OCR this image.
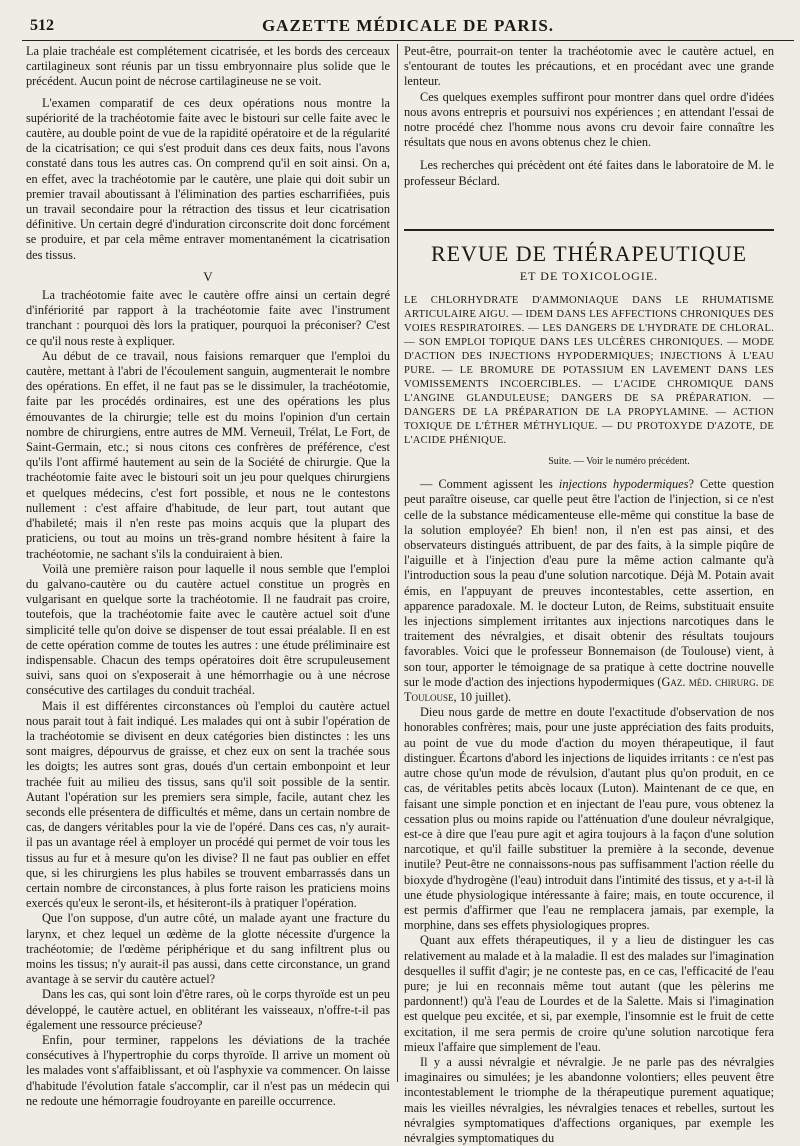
512	GAZETTE MÉDICALE DE PARIS.

La plaie trachéale est complétement cicatrisée, et les bords des cerceaux cartilagineux sont réunis par un tissu embryonnaire plus solide que le précédent. Aucun point de nécrose cartilagineuse ne se voit.

L'examen comparatif de ces deux opérations nous montre la supériorité de la trachéotomie faite avec le bistouri sur celle faite avec le cautère, au double point de vue de la rapidité opératoire et de la régularité de la cicatrisation; ce qui s'est produit dans ces deux faits, nous l'avons constaté dans tous les autres cas. On comprend qu'il en soit ainsi. On a, en effet, avec la trachéotomie par le cautère, une plaie qui doit subir un premier travail aboutissant à l'élimination des parties escharrifiées, puis un travail secondaire pour la rétraction des tissus et leur cicatrisation définitive. Un certain degré d'induration circonscrite doit donc forcément se produire, et par cela même entraver momentanément la cicatrisation des tissus.

V

La trachéotomie faite avec le cautère offre ainsi un certain degré d'infériorité par rapport à la trachéotomie faite avec l'instrument tranchant : pourquoi dès lors la pratiquer, pourquoi la préconiser? C'est ce qu'il nous reste à expliquer.

Au début de ce travail, nous faisions remarquer que l'emploi du cautère, mettant à l'abri de l'écoulement sanguin, augmenterait le nombre des opérations. En effet, il ne faut pas se le dissimuler, la trachéotomie, faite par les procédés ordinaires, est une des opérations les plus émouvantes de la chirurgie; telle est du moins l'opinion d'un certain nombre de chirurgiens, entre autres de MM. Verneuil, Trélat, Le Fort, de Saint-Germain, etc.; si nous citons ces confrères de préférence, c'est qu'ils l'ont affirmé hautement au sein de la Société de chirurgie. Que la trachéotomie faite avec le bistouri soit un jeu pour quelques chirurgiens et quelques médecins, c'est fort possible, et nous ne le contestons nullement : c'est affaire d'habitude, de leur part, tout autant que d'habileté; mais il n'en reste pas moins acquis que la plupart des praticiens, ou tout au moins un très-grand nombre hésitent à faire la trachéotomie, ne sachant s'ils la conduiraient à bien.

Voilà une première raison pour laquelle il nous semble que l'emploi du galvano-cautère ou du cautère actuel constitue un progrès en vulgarisant en quelque sorte la trachéotomie. Il ne faudrait pas croire, toutefois, que la trachéotomie faite avec le cautère actuel soit d'une simplicité telle qu'on doive se dispenser de tout essai préalable. Il en est de cette opération comme de toutes les autres : une étude préliminaire est indispensable. Chacun des temps opératoires doit être scrupuleusement suivi, sans quoi on s'exposerait à une hémorrhagie ou à une nécrose consécutive des cartilages du conduit trachéal.

Mais il est différentes circonstances où l'emploi du cautère actuel nous parait tout à fait indiqué. Les malades qui ont à subir l'opération de la trachéotomie se divisent en deux catégories bien distinctes : les uns sont maigres, dépourvus de graisse, et chez eux on sent la trachée sous les doigts; les autres sont gras, doués d'un certain embonpoint et leur trachée fuit au milieu des tissus, sans qu'il soit possible de la sentir. Autant l'opération sur les premiers sera simple, facile, autant chez les seconds elle présentera de difficultés et même, dans un certain nombre de cas, de dangers véritables pour la vie de l'opéré. Dans ces cas, n'y aurait-il pas un avantage réel à employer un procédé qui permet de voir tous les tissus au fur et à mesure qu'on les divise? Il ne faut pas oublier en effet que, si les chirurgiens les plus habiles se trouvent embarrassés dans un certain nombre de circonstances, à plus forte raison les praticiens moins exercés qu'eux le seront-ils, et hésiteront-ils à pratiquer l'opération.

Que l'on suppose, d'un autre côté, un malade ayant une fracture du larynx, et chez lequel un œdème de la glotte nécessite d'urgence la trachéotomie; de l'œdème périphérique et du sang infiltrent plus ou moins les tissus; n'y aurait-il pas aussi, dans cette circonstance, un grand avantage à se servir du cautère actuel?

Dans les cas, qui sont loin d'être rares, où le corps thyroïde est un peu développé, le cautère actuel, en oblitérant les vaisseaux, n'offre-t-il pas également une ressource précieuse?

Enfin, pour terminer, rappelons les déviations de la trachée consécutives à l'hypertrophie du corps thyroïde. Il arrive un moment où les malades vont s'affaiblissant, et où l'asphyxie va commencer. On laisse d'habitude l'évolution fatale s'accomplir, car il n'est pas un médecin qui ne redoute une hémorragie foudroyante en pareille occurrence.

Peut-être, pourrait-on tenter la trachéotomie avec le cautère actuel, en s'entourant de toutes les précautions, et en procédant avec une grande lenteur.

Ces quelques exemples suffiront pour montrer dans quel ordre d'idées nous avons entrepris et poursuivi nos expériences ; en attendant l'essai de notre procédé chez l'homme nous avons cru devoir faire connaître les résultats que nous en avons obtenus chez le chien.

Les recherches qui précèdent ont été faites dans le laboratoire de M. le professeur Béclard.

REVUE DE THÉRAPEUTIQUE
ET DE TOXICOLOGIE.
LE CHLORHYDRATE D'AMMONIAQUE DANS LE RHUMATISME ARTICULAIRE AIGU. — IDEM DANS LES AFFECTIONS CHRONIQUES DES VOIES RESPIRATOIRES. — LES DANGERS DE L'HYDRATE DE CHLORAL. — SON EMPLOI TOPIQUE DANS LES ULCÈRES CHRONIQUES. — MODE D'ACTION DES INJECTIONS HYPODERMIQUES; INJECTIONS À L'EAU PURE. — LE BROMURE DE POTASSIUM EN LAVEMENT DANS LES VOMISSEMENTS INCOERCIBLES. — L'ACIDE CHROMIQUE DANS L'ANGINE GLANDULEUSE; DANGERS DE SA PRÉPARATION. — DANGERS DE LA PRÉPARATION DE LA PROPYLAMINE. — ACTION TOXIQUE DE L'ÉTHER MÉTHYLIQUE. — DU PROTOXYDE D'AZOTE, DE L'ACIDE PHÉNIQUE.
Suite. — Voir le numéro précédent.

— Comment agissent les injections hypodermiques? Cette question peut paraître oiseuse, car quelle peut être l'action de l'injection, si ce n'est celle de la substance médicamenteuse elle-même qui constitue la base de la solution employée? Eh bien! non, il n'en est pas ainsi, et des observateurs distingués attribuent, de par des faits, à la simple piqûre de l'aiguille et à l'injection d'eau pure la même action calmante qu'à l'introduction sous la peau d'une solution narcotique. Déjà M. Potain avait émis, en l'appuyant de preuves incontestables, cette assertion, en apparence paradoxale. M. le docteur Luton, de Reims, substituait ensuite les injections simplement irritantes aux injections narcotiques dans le traitement des névralgies, et disait obtenir des résultats toujours favorables. Voici que le professeur Bonnemaison (de Toulouse) vient, à son tour, apporter le témoignage de sa pratique à cette doctrine nouvelle sur le mode d'action des injections hypodermiques (Gaz. méd. chirurg. de Toulouse, 10 juillet).

Dieu nous garde de mettre en doute l'exactitude d'observation de nos honorables confrères; mais, pour une juste appréciation des faits produits, au point de vue du mode d'action du moyen thérapeutique, il faut distinguer. Écartons d'abord les injections de liquides irritants : ce n'est pas autre chose qu'un mode de révulsion, d'autant plus qu'on produit, en ce cas, de véritables petits abcès locaux (Luton). Maintenant de ce que, en faisant une simple ponction et en injectant de l'eau pure, vous obtenez la cessation plus ou moins rapide ou l'atténuation d'une douleur névralgique, est-ce à dire que l'eau pure agit et agira toujours à la façon d'une solution narcotique, et qu'il faille substituer la première à la seconde, devenue inutile? Peut-être ne connaissons-nous pas suffisamment l'action réelle du bioxyde d'hydrogène (l'eau) introduit dans l'intimité des tissus, et y a-t-il là une étude physiologique intéressante à faire; mais, en toute occurence, il est permis d'affirmer que l'eau ne remplacera jamais, par exemple, la morphine, dans ses effets physiologiques propres.

Quant aux effets thérapeutiques, il y a lieu de distinguer les cas relativement au malade et à la maladie. Il est des malades sur l'imagination desquelles il suffit d'agir; je ne conteste pas, en ce cas, l'efficacité de l'eau pure; je lui en reconnais même tout autant (que les pèlerins me pardonnent!) qu'à l'eau de Lourdes et de la Salette. Mais si l'imagination est quelque peu excitée, et si, par exemple, l'insomnie est le fruit de cette excitation, il me sera permis de croire qu'une solution narcotique fera mieux l'affaire que simplement de l'eau.

Il y a aussi névralgie et névralgie. Je ne parle pas des névralgies imaginaires ou simulées; je les abandonne volontiers; elles peuvent être incontestablement le triomphe de la thérapeutique purement aquatique; mais les vieilles névralgies, les névralgies tenaces et rebelles, surtout les névralgies symptomatiques d'affections organiques, par exemple les névralgies symptomatiques du
